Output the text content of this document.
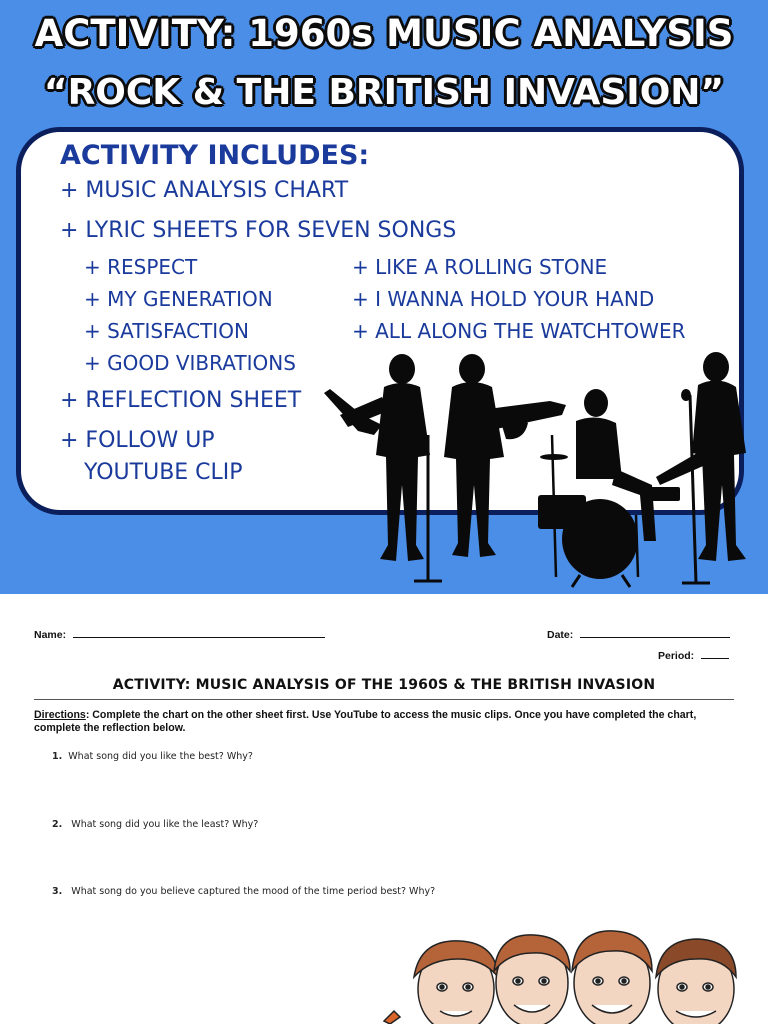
ACTIVITY: 1960s MUSIC ANALYSIS
“ROCK & THE BRITISH INVASION”
ACTIVITY INCLUDES:
+ MUSIC ANALYSIS CHART
+ LYRIC SHEETS FOR SEVEN SONGS
+ RESPECT
+ MY GENERATION
+ SATISFACTION
+ GOOD VIBRATIONS
+ LIKE A ROLLING STONE
+ I WANNA HOLD YOUR HAND
+ ALL ALONG THE WATCHTOWER
+ REFLECTION SHEET
+ FOLLOW UP
YOUTUBE CLIP
Name:	Date:
Period:
ACTIVITY: MUSIC ANALYSIS OF THE 1960S & THE BRITISH INVASION
Directions: Complete the chart on the other sheet first. Use YouTube to access the music clips. Once you have completed the chart, complete the reflection below.
1. What song did you like the best? Why?
2. What song did you like the least? Why?
3. What song do you believe captured the mood of the time period best? Why?
